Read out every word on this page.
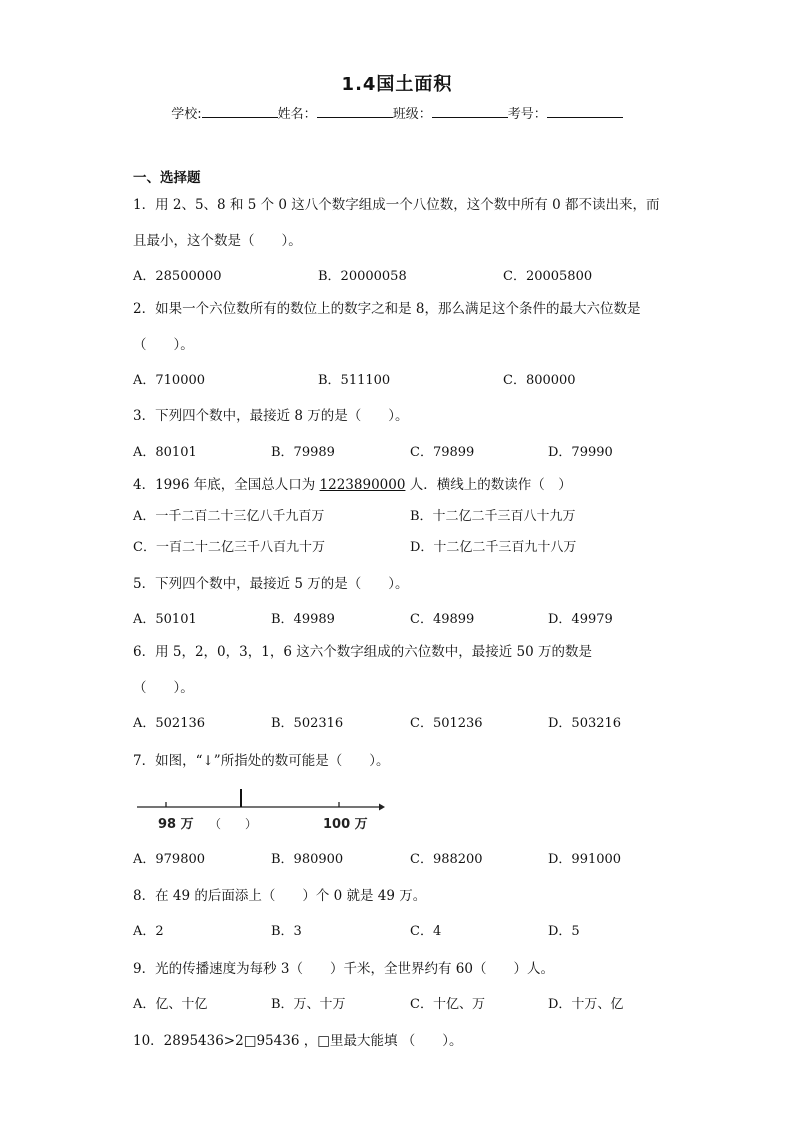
1.4国土面积
学校:	姓名：	班级：	考号：
一、选择题
1．用 2、5、8 和 5 个 0 这八个数字组成一个八位数，这个数中所有 0 都不读出来，而
且最小，这个数是（　　）。
A．28500000	B．20000058	C．20005800
2．如果一个六位数所有的数位上的数字之和是 8，那么满足这个条件的最大六位数是
（　　）。
A．710000	B．511100	C．800000
3．下列四个数中，最接近 8 万的是（　　）。
A．80101	B．79989	C．79899	D．79990
4．1996 年底，全国总人口为 1223890000 人．横线上的数读作（　）
A．一千二百二十三亿八千九百万	B．十二亿二千三百八十九万
C．一百二十二亿三千八百九十万	D．十二亿二千三百九十八万
5．下列四个数中，最接近 5 万的是（　　）。
A．50101	B．49989	C．49899	D．49979
6．用 5，2，0，3，1，6 这六个数字组成的六位数中，最接近 50 万的数是
（　　）。
A．502136	B．502316	C．501236	D．503216
7．如图，“↓”所指处的数可能是（　　）。
98 万 （　　）	100 万
A．979800	B．980900	C．988200	D．991000
8．在 49 的后面添上（　　）个 0 就是 49 万。
A．2	B．3	C．4	D．5
9．光的传播速度为每秒 3（　　）千米，全世界约有 60（　　）人。
A．亿、十亿	B．万、十万	C．十亿、万	D．十万、亿
10．2895436>2□95436 ，□里最大能填 （　　）。
